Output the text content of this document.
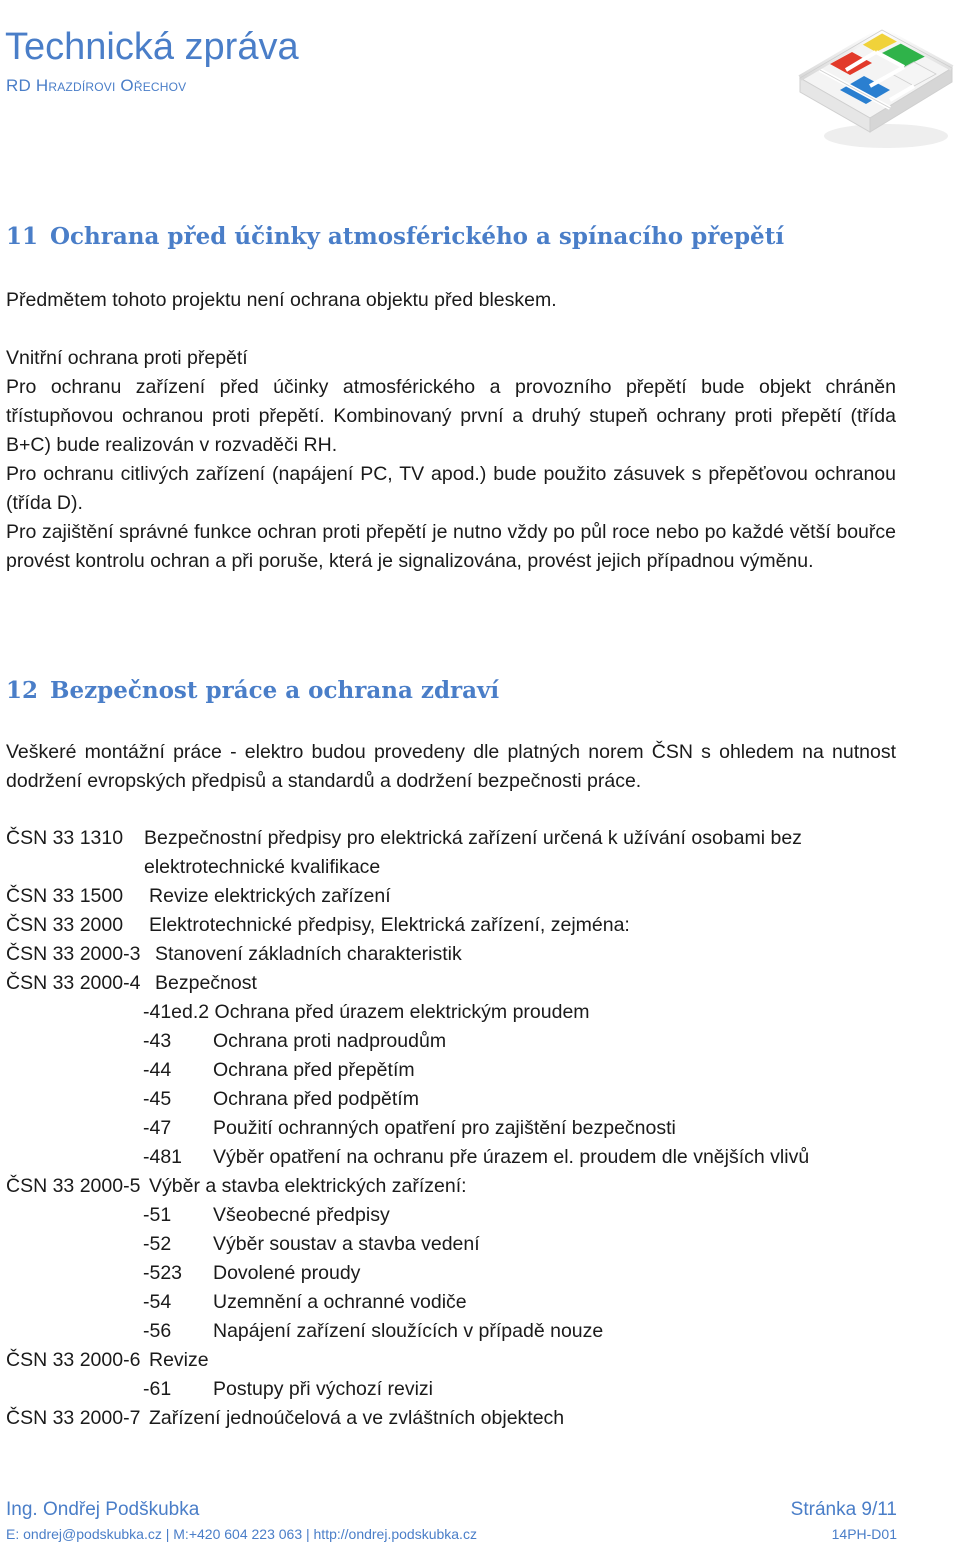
Technická zpráva
RD Hrazdírovi Ořechov
11 Ochrana před účinky atmosférického a spínacího přepětí
Předmětem tohoto projektu není ochrana objektu před bleskem.
Vnitřní ochrana proti přepětí

Pro ochranu zařízení před účinky atmosférického a provozního přepětí bude objekt chráněn třístupňovou ochranou proti přepětí. Kombinovaný první a druhý stupeň ochrany proti přepětí (třída B+C) bude realizován v rozvaděči RH.

Pro ochranu citlivých zařízení (napájení PC, TV apod.) bude použito zásuvek s přepěťovou ochranou (třída D).

Pro zajištění správné funkce ochran proti přepětí je nutno vždy po půl roce nebo po každé větší bouřce provést kontrolu ochran a při poruše, která je signalizována, provést jejich případnou výměnu.

12 Bezpečnost práce a ochrana zdraví

Veškeré montážní práce - elektro budou provedeny dle platných norem ČSN s ohledem na nutnost dodržení evropských předpisů a standardů a dodržení bezpečnosti práce.

ČSN 33 1310 Bezpečnostní předpisy pro elektrická zařízení určená k užívání osobami bez elektrotechnické kvalifikace
ČSN 33 1500 Revize elektrických zařízení
ČSN 33 2000 Elektrotechnické předpisy, Elektrická zařízení, zejména:
ČSN 33 2000-3 Stanovení základních charakteristik
ČSN 33 2000-4 Bezpečnost
-41ed.2 Ochrana před úrazem elektrickým proudem
-43 Ochrana proti nadproudům
-44 Ochrana před přepětím
-45 Ochrana před podpětím
-47 Použití ochranných opatření pro zajištění bezpečnosti
-481 Výběr opatření na ochranu pře úrazem el. proudem dle vnějších vlivů
ČSN 33 2000-5 Výběr a stavba elektrických zařízení:
-51 Všeobecné předpisy
-52 Výběr soustav a stavba vedení
-523 Dovolené proudy
-54 Uzemnění a ochranné vodiče
-56 Napájení zařízení sloužících v případě nouze
ČSN 33 2000-6 Revize
-61 Postupy při výchozí revizi
ČSN 33 2000-7 Zařízení jednoúčelová a ve zvláštních objektech
Ing. Ondřej Podškubka	Stránka 9/11
E: ondrej@podskubka.cz | M:+420 604 223 063 | http://ondrej.podskubka.cz	14PH-D01
